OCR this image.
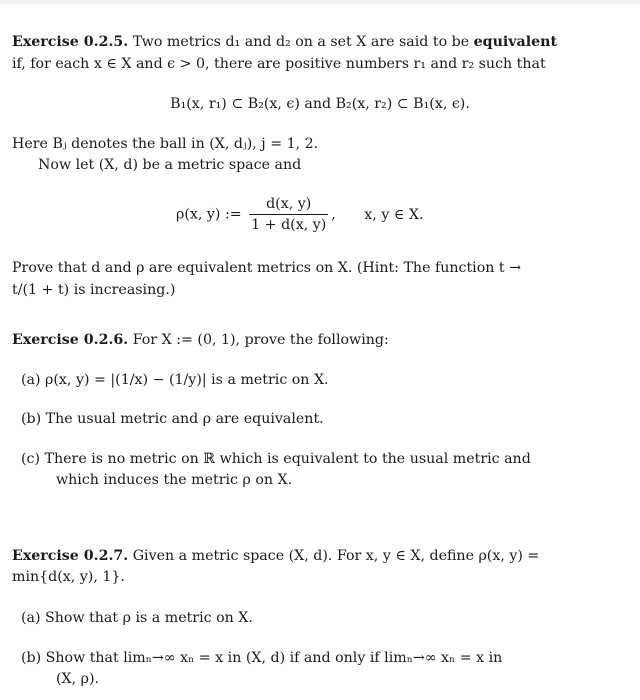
Exercise 0.2.5. Two metrics d₁ and d₂ on a set X are said to be equivalent
if, for each x ∈ X and ϵ > 0, there are positive numbers r₁ and r₂ such that
B₁(x, r₁) ⊂ B₂(x, ϵ) and B₂(x, r₂) ⊂ B₁(x, ϵ).
Here Bⱼ denotes the ball in (X, dⱼ), j = 1, 2.
Now let (X, d) be a metric space and
ρ(x, y) := $\frac{d(x, y)}{1 + d(x, y)}$ , x, y ∈ X.
Prove that d and ρ are equivalent metrics on X. (Hint: The function t →
t/(1 + t) is increasing.)
Exercise 0.2.6. For X := (0, 1), prove the following:
(a) ρ(x, y) = |(1/x) − (1/y)| is a metric on X.
(b) The usual metric and ρ are equivalent.
(c) There is no metric on ℝ which is equivalent to the usual metric and
which induces the metric ρ on X.
Exercise 0.2.7. Given a metric space (X, d). For x, y ∈ X, define ρ(x, y) =
min{d(x, y), 1}.
(a) Show that ρ is a metric on X.
(b) Show that limₙ→∞ xₙ = x in (X, d) if and only if limₙ→∞ xₙ = x in
(X, ρ).
